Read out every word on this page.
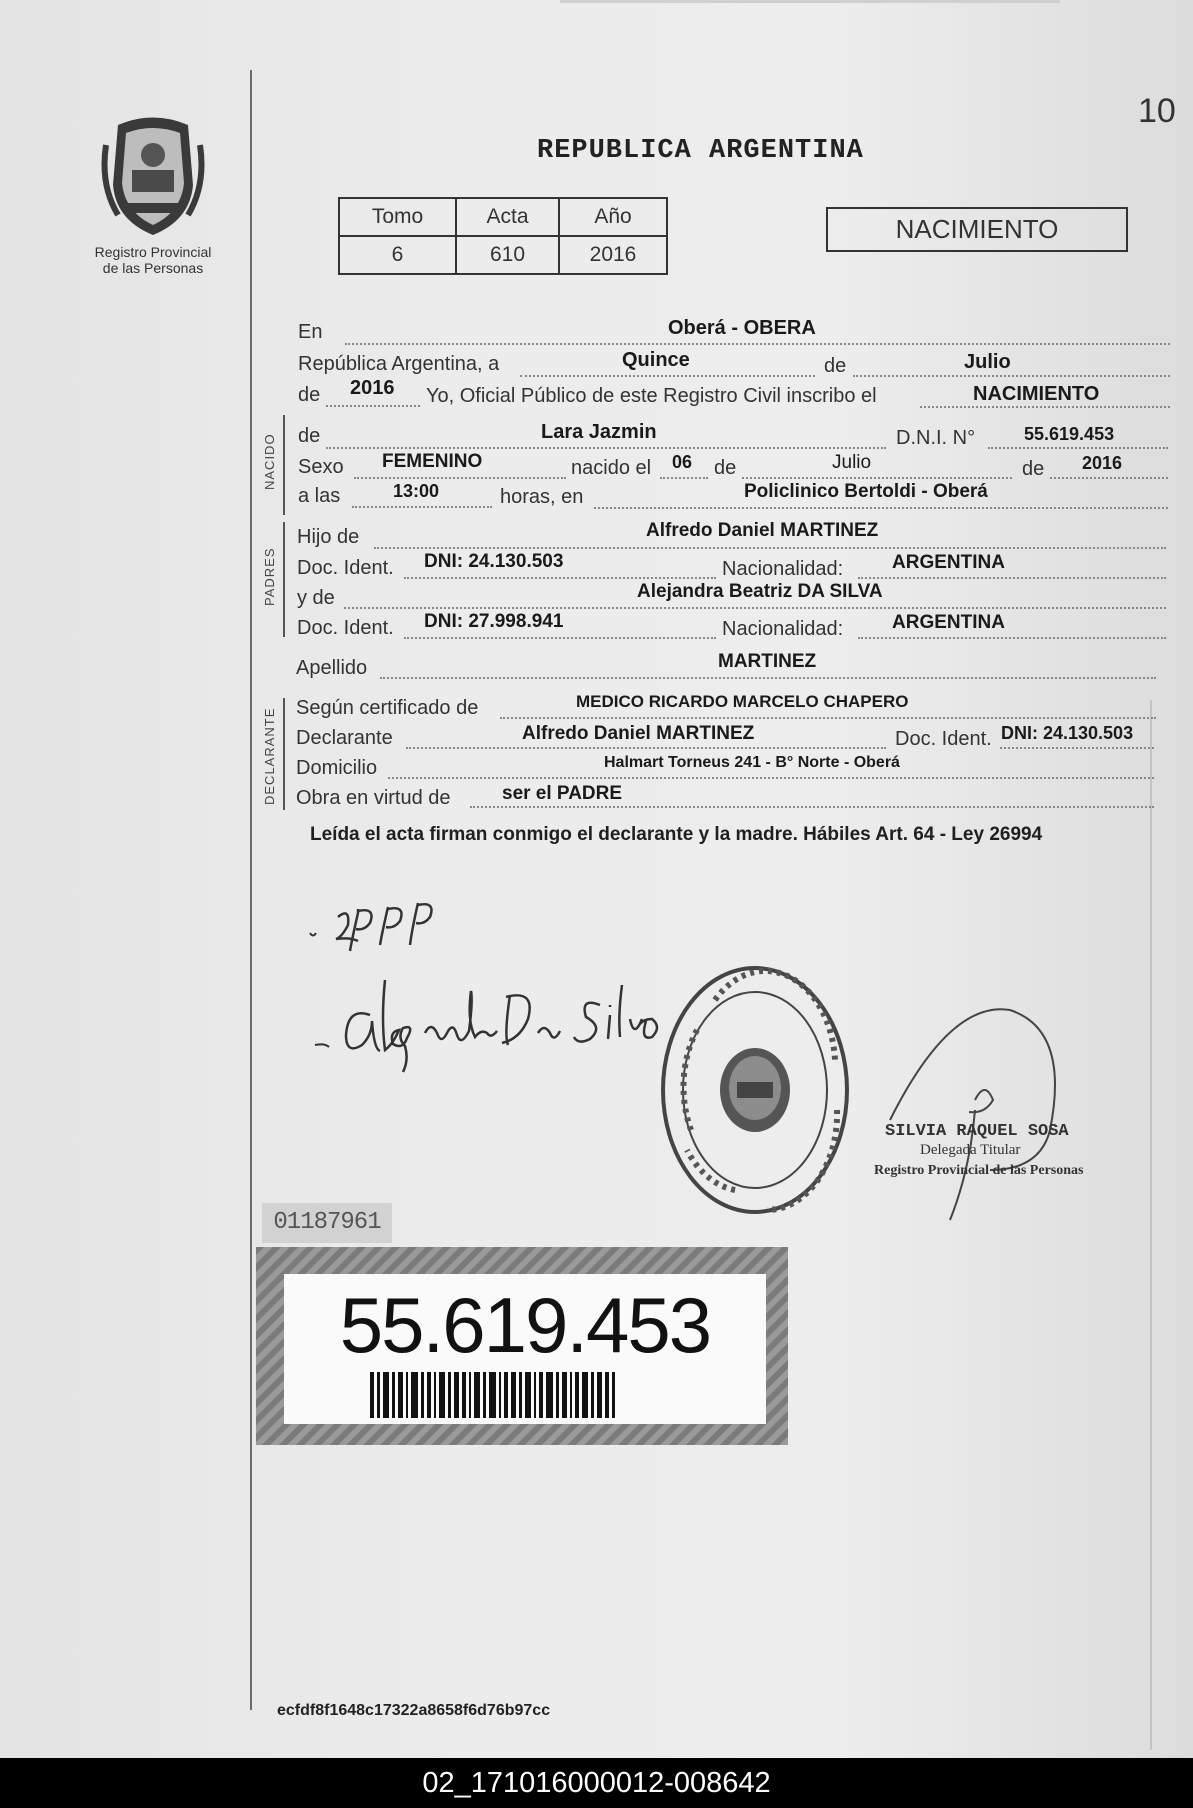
10
Registro Provincial
de las Personas
REPUBLICA ARGENTINA
Tomo	Acta	Año
6	610	2016
NACIMIENTO
En	Oberá - OBERA
República Argentina, a	Quince	de	Julio
de 2016 Yo, Oficial Público de este Registro Civil inscribo el	NACIMIENTO
NACIDO de	Lara Jazmin	D.N.I. N°	55.619.453
Sexo FEMENINO	nacido el 06 de	Julio	de 2016
a las	13:00	horas, en	Policlinico Bertoldi - Oberá
PADRES
Hijo de	Alfredo Daniel MARTINEZ
Doc. Ident. DNI: 24.130.503	Nacionalidad:	ARGENTINA
y de	Alejandra Beatriz DA SILVA
Doc. Ident. DNI: 27.998.941	Nacionalidad:	ARGENTINA
Apellido	MARTINEZ
DECLARANTE Según certificado de	MEDICO RICARDO MARCELO CHAPERO
Declarante	Alfredo Daniel MARTINEZ	Doc. Ident. DNI: 24.130.503
Domicilio	Halmart Torneus 241 - B° Norte - Oberá
Obra en virtud de	ser el PADRE
Leída el acta firman conmigo el declarante y la madre. Hábiles Art. 64 - Ley 26994
SILVIA RAQUEL SOSA
Delegada Titular
Registro Provincial de las Personas
01187961
55.619.453
ecfdf8f1648c17322a8658f6d76b97cc
02_171016000012-008642
